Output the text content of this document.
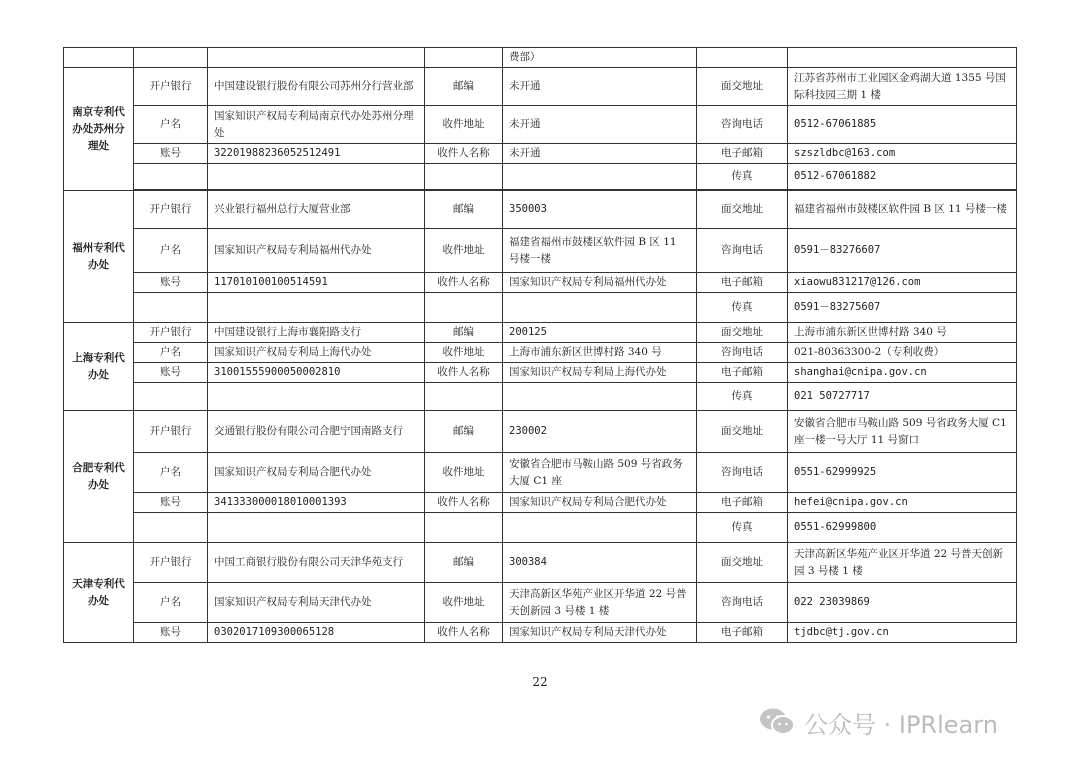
				费部）		
南京专利代办处苏州分理处	开户银行	中国建设银行股份有限公司苏州分行营业部	邮编	未开通	面交地址	江苏省苏州市工业园区金鸡湖大道 1355 号国际科技园三期 1 楼
	户名	国家知识产权局专利局南京代办处苏州分理处	收件地址	未开通	咨询电话	0512-67061885
	账号	32201988236052512491	收件人名称	未开通	电子邮箱	szszldbc@163.com
					传真	0512-67061882

福州专利代办处	开户银行	兴业银行福州总行大厦营业部	邮编	350003	面交地址	福建省福州市鼓楼区软件园 B 区 11 号楼一楼
	户名	国家知识产权局专利局福州代办处	收件地址	福建省福州市鼓楼区软件园 B 区 11 号楼一楼	咨询电话	0591－83276607
	账号	117010100100514591	收件人名称	国家知识产权局专利局福州代办处	电子邮箱	xiaowu831217@126.com
					传真	0591－83275607
上海专利代办处	开户银行	中国建设银行上海市襄阳路支行	邮编	200125	面交地址	上海市浦东新区世博村路 340 号
	户名	国家知识产权局专利局上海代办处	收件地址	上海市浦东新区世博村路 340 号	咨询电话	021-80363300-2（专利收费）
	账号	31001555900050002810	收件人名称	国家知识产权局专利局上海代办处	电子邮箱	shanghai@cnipa.gov.cn
					传真	021 50727717
合肥专利代办处	开户银行	交通银行股份有限公司合肥宁国南路支行	邮编	230002	面交地址	安徽省合肥市马鞍山路 509 号省政务大厦 C1 座一楼一号大厅 11 号窗口
	户名	国家知识产权局专利局合肥代办处	收件地址	安徽省合肥市马鞍山路 509 号省政务大厦 C1 座	咨询电话	0551-62999925
	账号	341333000018010001393	收件人名称	国家知识产权局专利局合肥代办处	电子邮箱	hefei@cnipa.gov.cn
					传真	0551-62999800
天津专利代办处	开户银行	中国工商银行股份有限公司天津华苑支行	邮编	300384	面交地址	天津高新区华苑产业区开华道 22 号普天创新园 3 号楼 1 楼
	户名	国家知识产权局专利局天津代办处	收件地址	天津高新区华苑产业区开华道 22 号普天创新园 3 号楼 1 楼	咨询电话	022 23039869
	账号	0302017109300065128	收件人名称	国家知识产权局专利局天津代办处	电子邮箱	tjdbc@tj.gov.cn
22
公众号 · IPRlearn
